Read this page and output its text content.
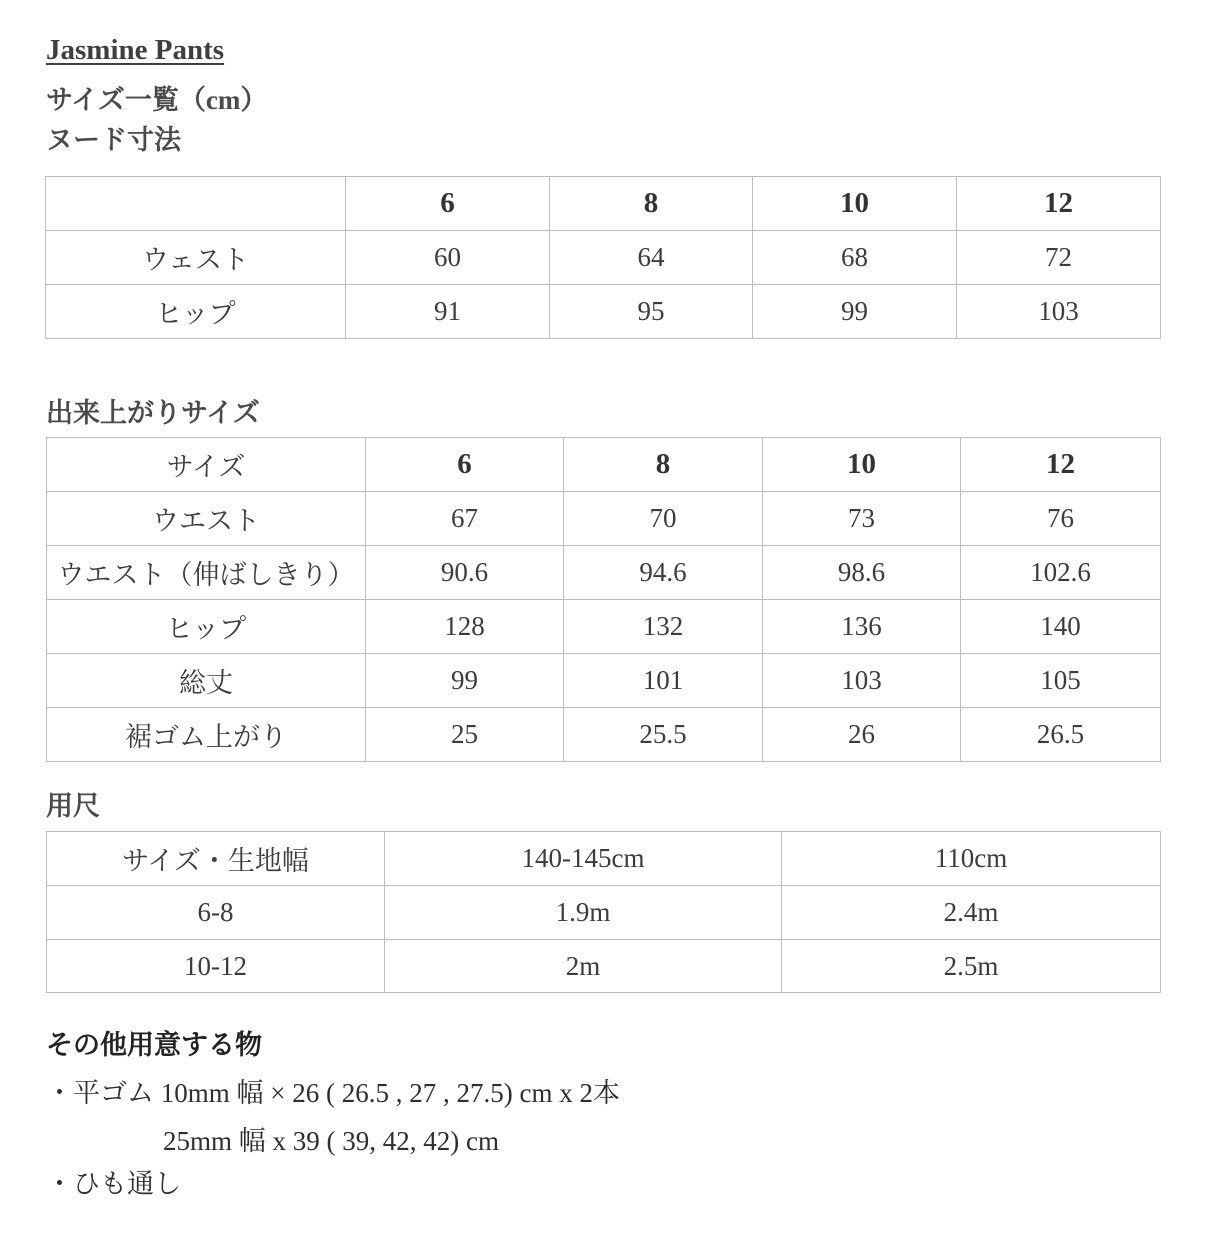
Jasmine Pants
サイズ一覧（cm）
ヌード寸法
	6	8	10	12
ウェスト	60	64	68	72
ヒップ	91	95	99	103
出来上がりサイズ
サイズ	6	8	10	12
ウエスト	67	70	73	76
ウエスト（伸ばしきり）	90.6	94.6	98.6	102.6
ヒップ	128	132	136	140
総丈	99	101	103	105
裾ゴム上がり	25	25.5	26	26.5
用尺
サイズ・生地幅	140-145cm	110cm
6-8	1.9m	2.4m
10-12	2m	2.5m
その他用意する物
・平ゴム 10mm 幅 × 26 ( 26.5 , 27 , 27.5) cm x 2本
25mm 幅 x 39 ( 39, 42, 42) cm
・ひも通し
